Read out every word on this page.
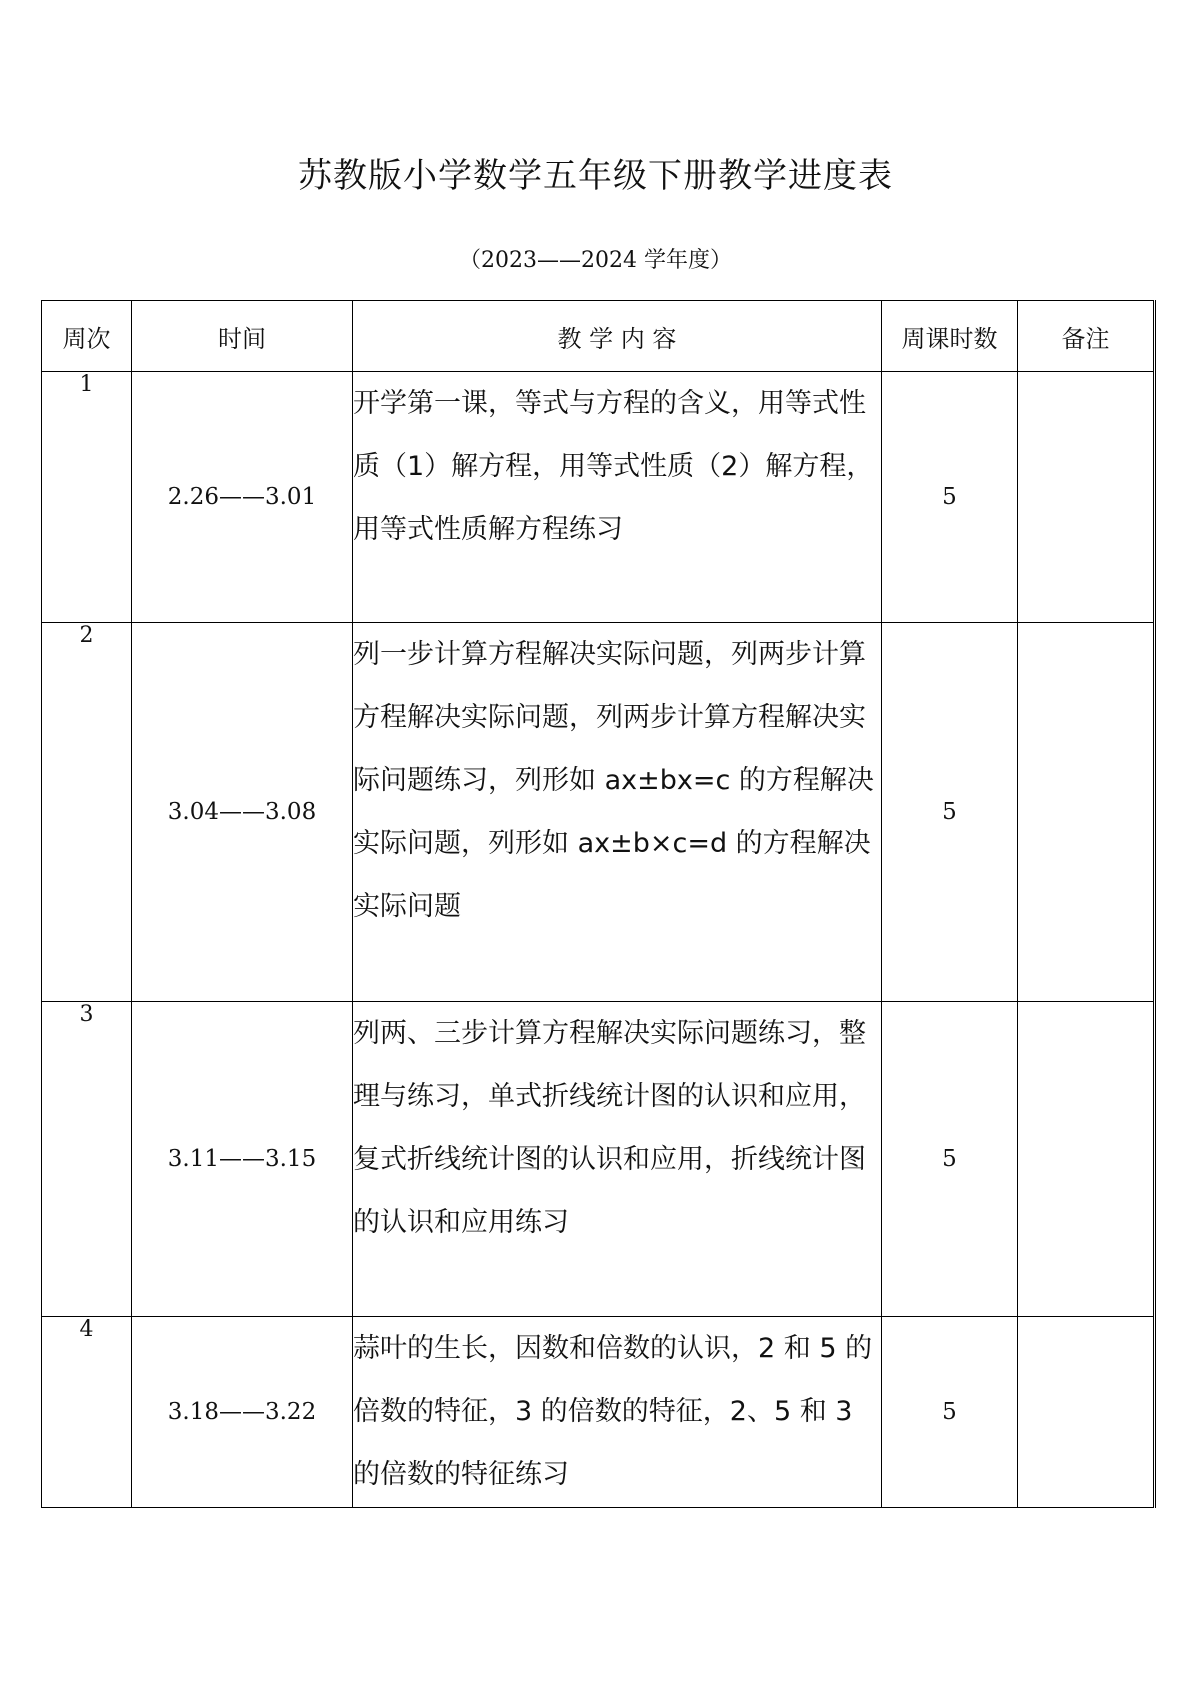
苏教版小学数学五年级下册教学进度表
（2023——2024 学年度）
周次	时间	教 学 内 容	周课时数	备注
1	2.26——3.01	开学第一课，等式与方程的含义，用等式性质（1）解方程，用等式性质（2）解方程，用等式性质解方程练习	5	
2	3.04——3.08	列一步计算方程解决实际问题，列两步计算方程解决实际问题，列两步计算方程解决实际问题练习，列形如 ax±bx=c 的方程解决实际问题，列形如 ax±b×c=d 的方程解决实际问题	5	
3	3.11——3.15	列两、三步计算方程解决实际问题练习，整理与练习，单式折线统计图的认识和应用，复式折线统计图的认识和应用，折线统计图的认识和应用练习	5	
4	3.18——3.22	蒜叶的生长，因数和倍数的认识，2 和 5 的倍数的特征，3 的倍数的特征，2、5 和 3 的倍数的特征练习	5	
